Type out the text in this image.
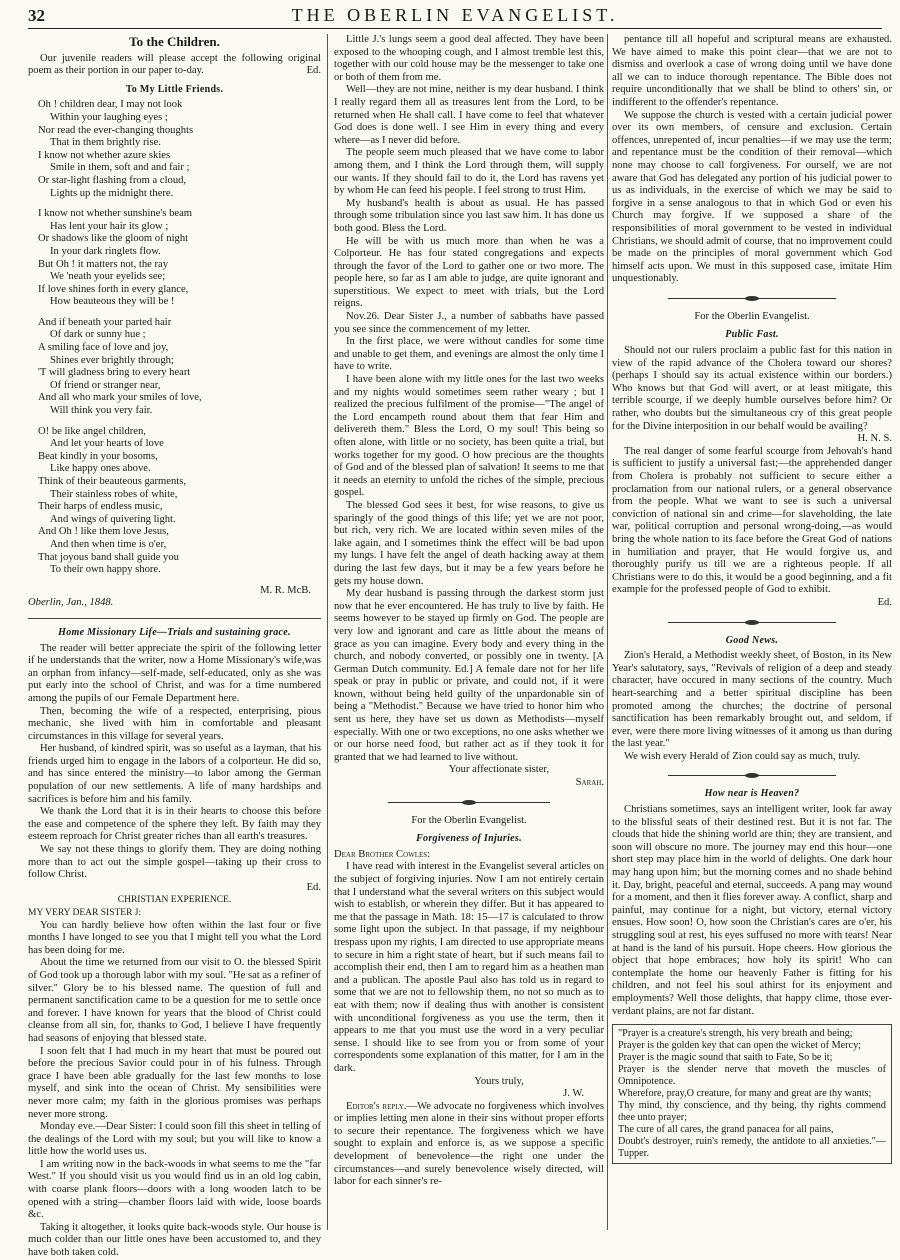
32	THE OBERLIN EVANGELIST.
To the Children.

Our juvenile readers will please accept the following original poem as their portion in our paper to-day.	Ed.

To My Little Friends.
Oh ! children dear, I may not look
Within your laughing eyes ;
Nor read the ever-changing thoughts
That in them brightly rise.
I know not whether azure skies
Smile in them, soft and and fair ;
Or star-light flashing from a cloud,
Lights up the midnight there.
I know not whether sunshine's beam
Has lent your hair its glow ;
Or shadows like the gloom of night
In your dark ringlets flow.
But Oh ! it matters not, the ray
We 'neath your eyelids see;
If love shines forth in every glance,
How beauteous they will be !
And if beneath your parted hair
Of dark or sunny hue ;
A smiling face of love and joy,
Shines ever brightly through;
'T will gladness bring to every heart
Of friend or stranger near,
And all who mark your smiles of love,
Will think you very fair.
O! be like angel children,
And let your hearts of love
Beat kindly in your bosoms,
Like happy ones above.
Think of their beauteous garments,
Their stainless robes of white,
Their harps of endless music,
And wings of quivering light.
And Oh ! like them love Jesus,
And then when time is o'er,
That joyous band shall guide you
To their own happy shore.
M. R. McB.

Oberlin, Jan., 1848.

Home Missionary Life—Trials and sustaining grace.

The reader will better appreciate the spirit of the following letter if he understands that the writer, now a Home Missionary's wife,was an orphan from infancy—self-made, self-educated, only as she was put early into the school of Christ, and was for a time numbered among the pupils of our Female Department here.

Then, becoming the wife of a respected, enterprising, pious mechanic, she lived with him in comfortable and pleasant circumstances in this village for several years.

Her husband, of kindred spirit, was so useful as a layman, that his friends urged him to engage in the labors of a colporteur. He did so, and has since entered the ministry—to labor among the German population of our new settlements. A life of many hardships and sacrifices is before him and his family.

We thank the Lord that it is in their hearts to choose this before the ease and competence of the sphere they left. By faith may they esteem reproach for Christ greater riches than all earth's treasures.

We say not these things to glorify them. They are doing nothing more than to act out the simple gospel—taking up their cross to follow Christ.

Ed.
CHRISTIAN EXPERIENCE.

MY VERY DEAR SISTER J:

You can hardly believe how often within the last four or five months I have longed to see you that I might tell you what the Lord has been doing for me.

About the time we returned from our visit to O. the blessed Spirit of God took up a thorough labor with my soul. "He sat as a refiner of silver." Glory be to his blessed name. The question of full and permanent sanctification came to be a question for me to settle once and forever. I have known for years that the blood of Christ could cleanse from all sin, for, thanks to God, I believe I have frequently had seasons of enjoying that blessed state.

I soon felt that I had much in my heart that must be poured out before the precious Savior could pour in of his fulness. Through grace I have been able gradually for the last few months to lose myself, and sink into the ocean of Christ. My sensibilities were never more calm; my faith in the glorious promises was perhaps never more strong.

Monday eve.—Dear Sister: I could soon fill this sheet in telling of the dealings of the Lord with my soul; but you will like to know a little how the world uses us.

I am writing now in the back-woods in what seems to me the "far West." If you should visit us you would find us in an old log cabin, with coarse plank floors—doors with a long wooden latch to be opened with a string—chamber floors laid with wide, loose boards &c.

Taking it altogether, it looks quite back-woods style. Our house is much colder than our little ones have been accustomed to, and they have both taken cold.

Little J.'s lungs seem a good deal affected. They have been exposed to the whooping cough, and I almost tremble lest this, together with our cold house may be the messenger to take one or both of them from me.

Well—they are not mine, neither is my dear husband. I think I really regard them all as treasures lent from the Lord, to be returned when He shall call. I have come to feel that whatever God does is done well. I see Him in every thing and every where—as I never did before.

The people seem much pleased that we have come to labor among them, and I think the Lord through them, will supply our wants. If they should fail to do it, the Lord has ravens yet by whom He can feed his people. I feel strong to trust Him.

My husband's health is about as usual. He has passed through some tribulation since you last saw him. It has done us both good. Bless the Lord.

He will be with us much more than when he was a Colporteur. He has four stated congregations and expects through the favor of the Lord to gather one or two more. The people here, so far as I am able to judge, are quite ignorant and superstitious. We expect to meet with trials, but the Lord reigns.

Nov.26. Dear Sister J., a number of sabbaths have passed you see since the commencement of my letter.

In the first place, we were without candles for some time and unable to get them, and evenings are almost the only time I have to write.

I have been alone with my little ones for the last two weeks and my nights would sometimes seem rather weary ; but I realized the precious fulfilment of the promise—"The angel of the Lord encampeth round about them that fear Him and delivereth them." Bless the Lord, O my soul! This being so often alone, with little or no society, has been quite a trial, but works together for my good. O how precious are the thoughts of God and of the blessed plan of salvation! It seems to me that it needs an eternity to unfold the riches of the simple, precious gospel.

The blessed God sees it best, for wise reasons, to give us sparingly of the good things of this life; yet we are not poor, but rich, very rich. We are located within seven miles of the lake again, and I sometimes think the effect will be bad upon my lungs. I have felt the angel of death hacking away at them during the last few days, but it may be a few years before he gets my house down.

My dear husband is passing through the darkest storm just now that he ever encountered. He has truly to live by faith. He seems however to be stayed up firmly on God. The people are very low and ignorant and care as little about the means of grace as you can imagine. Every body and every thing in the church, and nobody converted, or possibly one in twenty. [A German Dutch community. Ed.] A female dare not for her life speak or pray in public or private, and could not, if it were known, without being held guilty of the unpardonable sin of being a "Methodist." Because we have tried to honor him who sent us here, they have set us down as Methodists—myself especially. With one or two exceptions, no one asks whether we or our horse need food, but rather act as if they took it for granted that we had learned to live without.

Your affectionate sister,
Sarah.
For the Oberlin Evangelist.
Forgiveness of Injuries.

Dear Brother Cowles:

I have read with interest in the Evangelist several articles on the subject of forgiving injuries. Now I am not entirely certain that I understand what the several writers on this subject would wish to establish, or wherein they differ. But it has appeared to me that the passage in Math. 18: 15—17 is calculated to throw some light upon the subject. In that passage, if my neighbour trespass upon my rights, I am directed to use appropriate means to secure in him a right state of heart, but if such means fail to accomplish their end, then I am to regard him as a heathen man and a publican. The apostle Paul also has told us in regard to some that we are not to fellowship them, no not so much as to eat with them; now if dealing thus with another is consistent with unconditional forgiveness as you use the term, then it appears to me that you must use the word in a very peculiar sense. I should like to see from you or from some of your correspondents some explanation of this matter, for I am in the dark.

Yours truly,
J. W.

Editor's reply.—We advocate no forgiveness which involves or implies letting men alone in their sins without proper efforts to secure their repentance. The forgiveness which we have sought to explain and enforce is, as we suppose a specific development of benevolence—the right one under the circumstances—and surely benevolence wisely directed, will labor for each sinner's re-

pentance till all hopeful and scriptural means are exhausted. We have aimed to make this point clear—that we are not to dismiss and overlook a case of wrong doing until we have done all we can to induce thorough repentance. The Bible does not require unconditionally that we shall be blind to others' sin, or indifferent to the offender's repentance.

We suppose the church is vested with a certain judicial power over its own members, of censure and exclusion. Certain offences, unrepented of, incur penalties—if we may use the term; and repentance must be the condition of their removal—which none may choose to call forgiveness. For ourself, we are not aware that God has delegated any portion of his judicial power to us as individuals, in the exercise of which we may be said to forgive in a sense analogous to that in which God or even his Church may forgive. If we supposed a share of the responsibilities of moral government to be vested in individual Christians, we should admit of course, that no improvement could be made on the principles of moral government which God himself acts upon. We must in this supposed case, imitate Him unquestionably.

For the Oberlin Evangelist.
Public Fast.

Should not our rulers proclaim a public fast for this nation in view of the rapid advance of the Cholera toward our shores? (perhaps I should say its actual existence within our borders.) Who knows but that God will avert, or at least mitigate, this terrible scourge, if we deeply humble ourselves before him? Or rather, who doubts but the simultaneous cry of this great people for the Divine interposition in our behalf would be availing?

H. N. S.

The real danger of some fearful scourge from Jehovah's hand is sufficient to justify a universal fast;—the apprehended danger from Cholera is probably not sufficient to secure either a proclamation from our national rulers, or a general observance from the people. What we want to see is such a universal conviction of national sin and crime—for slaveholding, the late war, political corruption and personal wrong-doing,—as would bring the whole nation to its face before the Great God of nations in humiliation and prayer, that He would forgive us, and thoroughly purify us till we are a righteous people. If all Christians were to do this, it would be a good beginning, and a fit example for the professed people of God to exhibit.

Ed.
Good News.

Zion's Herald, a Methodist weekly sheet, of Boston, in its New Year's salutatory, says, "Revivals of religion of a deep and steady character, have occured in many sections of the country. Much heart-searching and a better spiritual discipline has been promoted among the churches; the doctrine of personal sanctification has been remarkably brought out, and seldom, if ever, were there more living witnesses of it among us than during the last year."

We wish every Herald of Zion could say as much, truly.

How near is Heaven?

Christians sometimes, says an intelligent writer, look far away to the blissful seats of their destined rest. But it is not far. The clouds that hide the shining world are thin; they are transient, and soon will obscure no more. The journey may end this hour—one short step may place him in the world of delights. One dark hour may hang upon him; but the morning comes and no shade behind it. Day, bright, peaceful and eternal, succeeds. A pang may wound for a moment, and then it flies forever away. A conflict, sharp and painful, may continue for a night, but victory, eternal victory ensues. How soon! O, how soon the Christian's cares are o'er, his struggling soul at rest, his eyes suffused no more with tears! Near at hand is the land of his pursuit. Hope cheers. How glorious the object that hope embraces; how holy its spirit! Who can contemplate the home our heavenly Father is fitting for his children, and not feel his soul athirst for its enjoyment and employments? Well those delights, that happy clime, those ever-verdant plains, are not far distant.

"Prayer is a creature's strength, his very breath and being;
Prayer is the golden key that can open the wicket of Mercy;
Prayer is the magic sound that saith to Fate, So be it;
Prayer is the slender nerve that moveth the muscles of Omnipotence.
Wherefore, pray,O creature, for many and great are thy wants;
Thy mind, thy conscience, and thy being, thy rights commend thee unto prayer;
The cure of all cares, the grand panacea for all pains,
Doubt's destroyer, ruin's remedy, the antidote to all anxieties."—Tupper.
